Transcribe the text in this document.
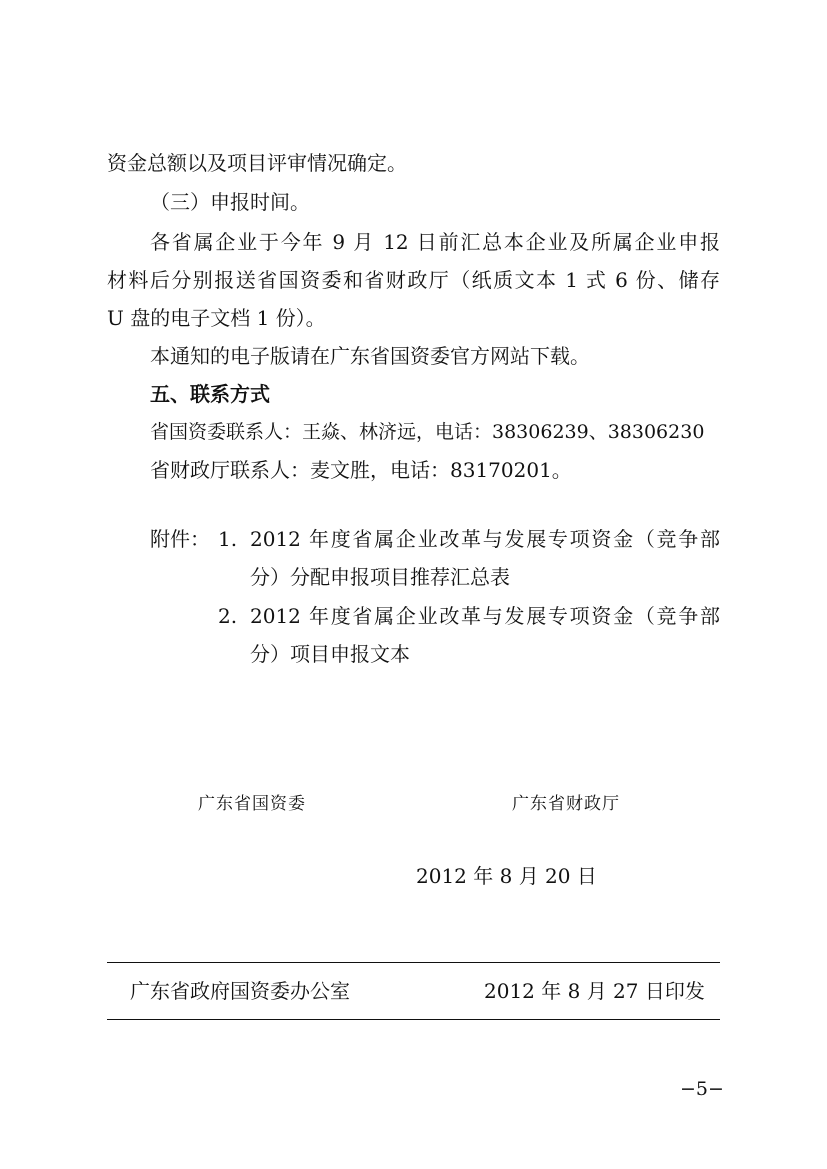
资金总额以及项目评审情况确定。
（三）申报时间。
各省属企业于今年 9 月 12 日前汇总本企业及所属企业申报
材料后分别报送省国资委和省财政厅（纸质文本 1 式 6 份、储存
U 盘的电子文档 1 份）。
本通知的电子版请在广东省国资委官方网站下载。
五、联系方式
省国资委联系人：王焱、林济远，电话：38306239、38306230
省财政厅联系人：麦文胜，电话：83170201。
附件： 1. 2012 年度省属企业改革与发展专项资金（竞争部
分）分配申报项目推荐汇总表
2. 2012 年度省属企业改革与发展专项资金（竞争部
分）项目申报文本
广东省国资委	广东省财政厅
2012 年 8 月 20 日
广东省政府国资委办公室	2012 年 8 月 27 日印发
−5−
